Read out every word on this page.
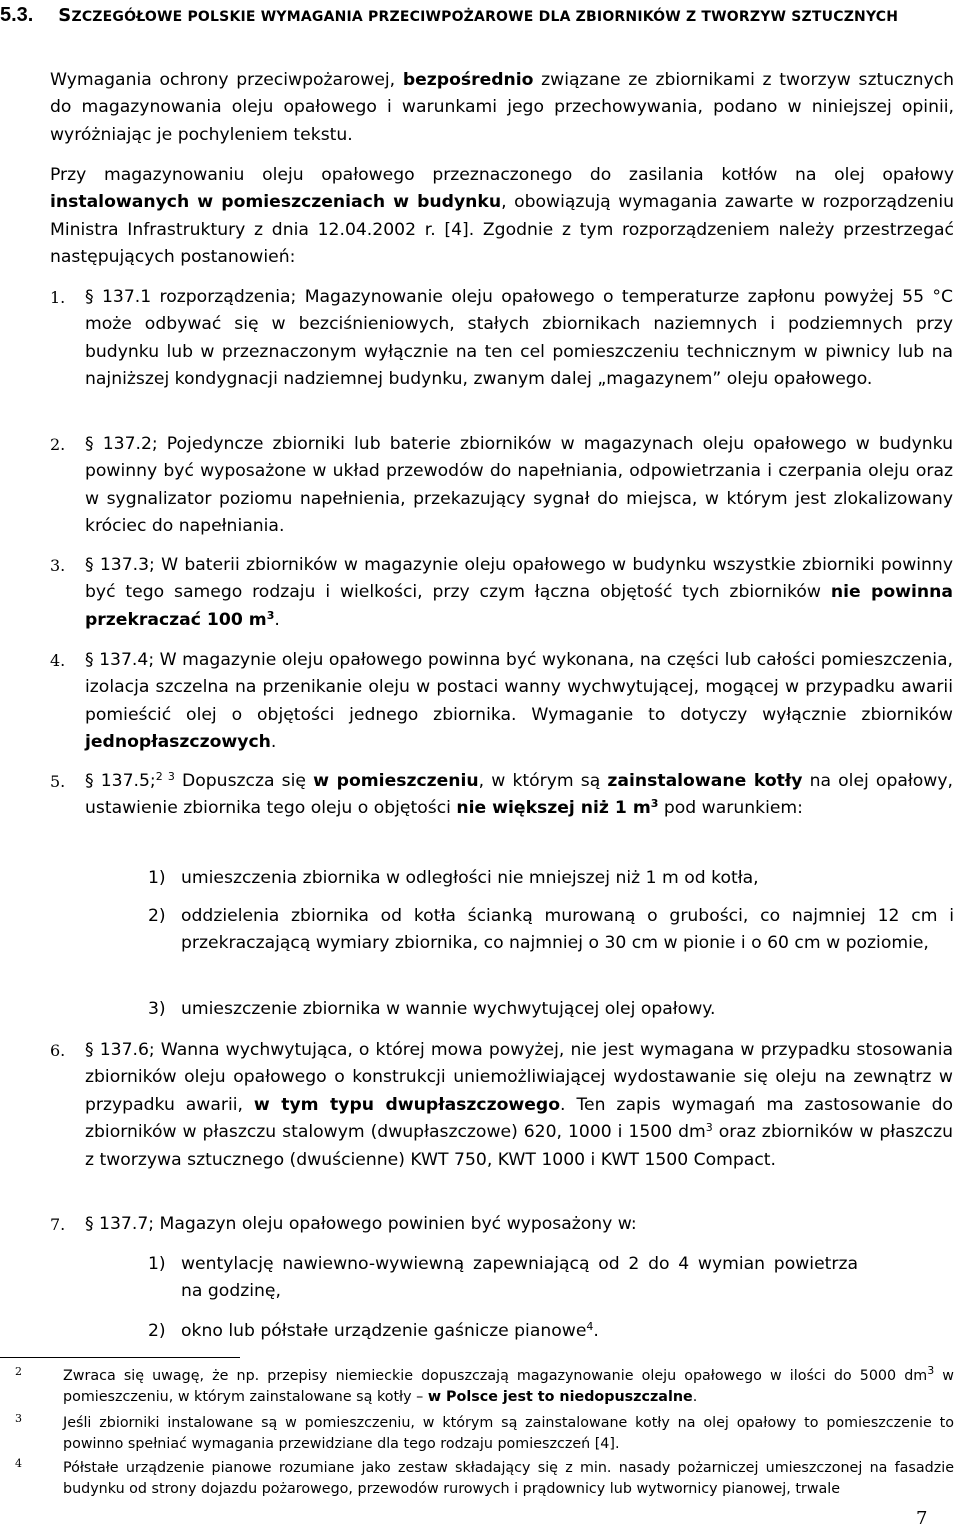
5.3. SZCZEGÓŁOWE POLSKIE WYMAGANIA PRZECIWPOŻAROWE DLA ZBIORNIKÓW Z TWORZYW SZTUCZNYCH

Wymagania ochrony przeciwpożarowej, bezpośrednio związane ze zbiornikami z tworzyw sztucznych do magazynowania oleju opałowego i warunkami jego przechowywania, podano w niniejszej opinii, wyróżniając je pochyleniem tekstu.

Przy magazynowaniu oleju opałowego przeznaczonego do zasilania kotłów na olej opałowy instalowanych w pomieszczeniach w budynku, obowiązują wymagania zawarte w rozporządzeniu Ministra Infrastruktury z dnia 12.04.2002 r. [4]. Zgodnie z tym rozporządzeniem należy przestrzegać następujących postanowień:

1. § 137.1 rozporządzenia; Magazynowanie oleju opałowego o temperaturze zapłonu powyżej 55 °C może odbywać się w bezciśnieniowych, stałych zbiornikach naziemnych i podziemnych przy budynku lub w przeznaczonym wyłącznie na ten cel pomieszczeniu technicznym w piwnicy lub na najniższej kondygnacji nadziemnej budynku, zwanym dalej „magazynem” oleju opałowego.

2. § 137.2; Pojedyncze zbiorniki lub baterie zbiorników w magazynach oleju opałowego w budynku powinny być wyposażone w układ przewodów do napełniania, odpowietrzania i czerpania oleju oraz w sygnalizator poziomu napełnienia, przekazujący sygnał do miejsca, w którym jest zlokalizowany króciec do napełniania.

3. § 137.3; W baterii zbiorników w magazynie oleju opałowego w budynku wszystkie zbiorniki powinny być tego samego rodzaju i wielkości, przy czym łączna objętość tych zbiorników nie powinna przekraczać 100 $m^3$.

4. § 137.4; W magazynie oleju opałowego powinna być wykonana, na części lub całości pomieszczenia, izolacja szczelna na przenikanie oleju w postaci wanny wychwytującej, mogącej w przypadku awarii pomieścić olej o objętości jednego zbiornika. Wymaganie to dotyczy wyłącznie zbiorników jednopłaszczowych.

5. § 137.5;$^{2 3}$ Dopuszcza się w pomieszczeniu, w którym są zainstalowane kotły na olej opałowy, ustawienie zbiornika tego oleju o objętości nie większej niż 1 $m^3$ pod warunkiem:

1) umieszczenia zbiornika w odległości nie mniejszej niż 1 m od kotła,
2) oddzielenia zbiornika od kotła ścianką murowaną o grubości, co najmniej 12 cm i przekraczającą wymiary zbiornika, co najmniej o 30 cm w pionie i o 60 cm w poziomie,
3) umieszczenie zbiornika w wannie wychwytującej olej opałowy.
6. § 137.6; Wanna wychwytująca, o której mowa powyżej, nie jest wymagana w przypadku stosowania zbiorników oleju opałowego o konstrukcji uniemożliwiającej wydostawanie się oleju na zewnątrz w przypadku awarii, w tym typu dwupłaszczowego. Ten zapis wymagań ma zastosowanie do zbiorników w płaszczu stalowym (dwupłaszczowe) 620, 1000 i 1500 $dm^3$ oraz zbiorników w płaszczu z tworzywa sztucznego (dwuścienne) KWT 750, KWT 1000 i KWT 1500 Compact.

7. § 137.7; Magazyn oleju opałowego powinien być wyposażony w:

1) wentylację nawiewno-wywiewną zapewniającą od 2 do 4 wymian powietrza na godzinę,
2) okno lub półstałe urządzenie gaśnicze pianowe$^4$.
2	Zwraca się uwagę, że np. przepisy niemieckie dopuszczają magazynowanie oleju opałowego w ilości do 5000 $dm^3$ w pomieszczeniu, w którym zainstalowane są kotły – w Polsce jest to niedopuszczalne.
3	Jeśli zbiorniki instalowane są w pomieszczeniu, w którym są zainstalowane kotły na olej opałowy to pomieszczenie to powinno spełniać wymagania przewidziane dla tego rodzaju pomieszczeń [4].
4	Półstałe urządzenie pianowe rozumiane jako zestaw składający się z min. nasady pożarniczej umieszczonej na fasadzie budynku od strony dojazdu pożarowego, przewodów rurowych i prądownicy lub wytwornicy pianowej, trwale
7
